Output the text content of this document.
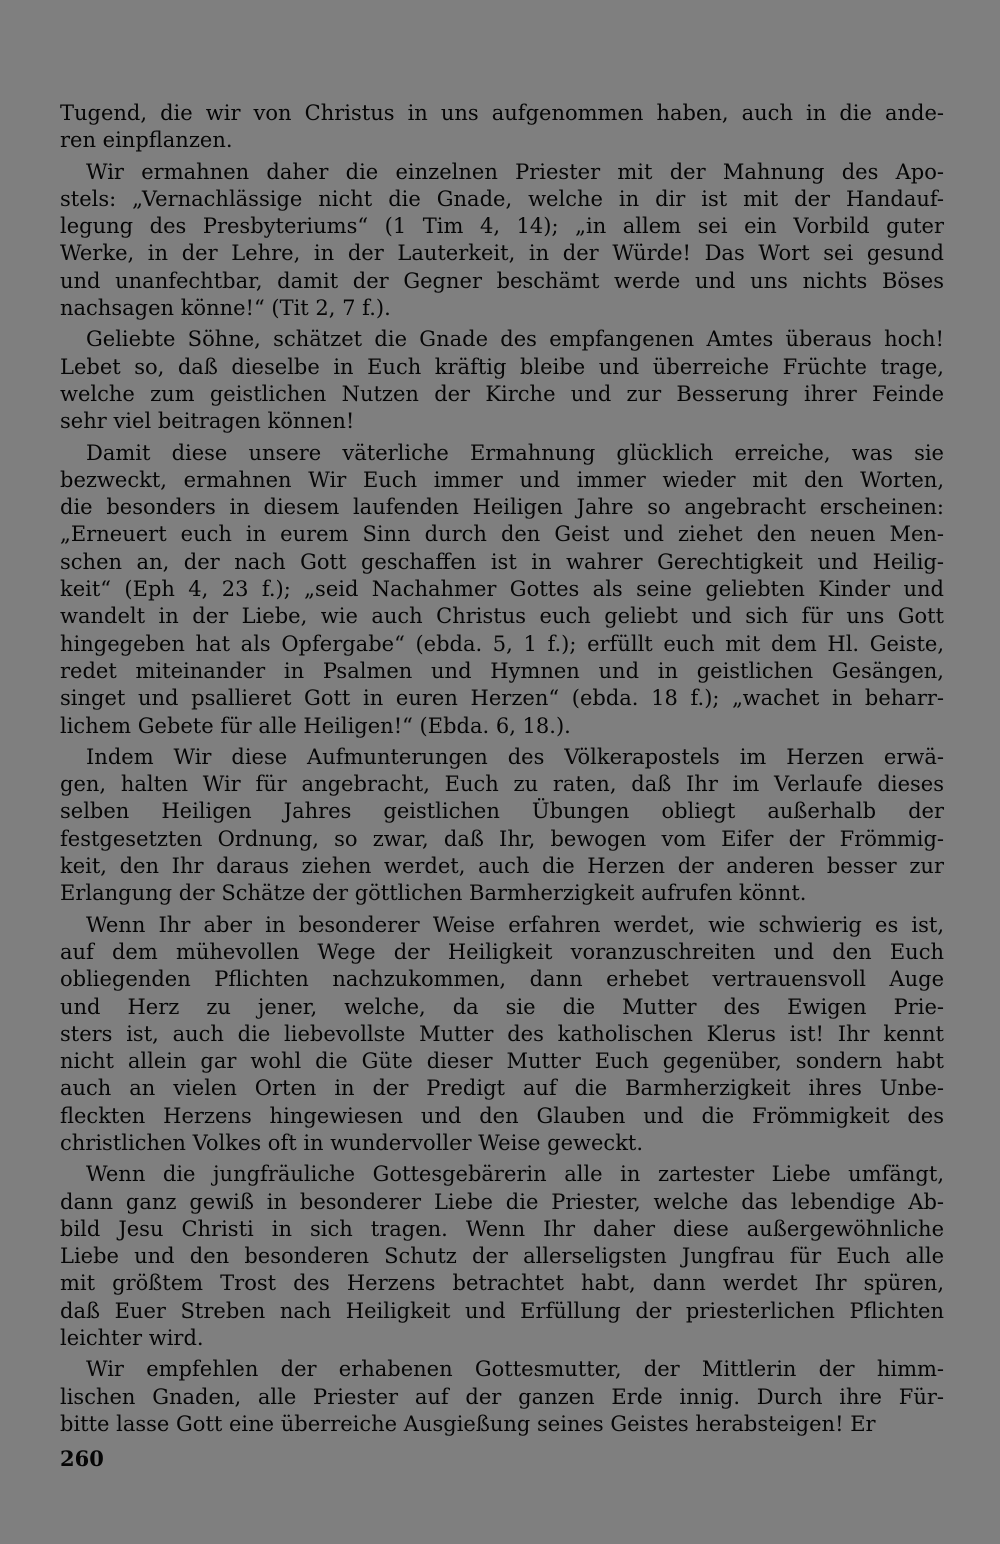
Tugend, die wir von Christus in uns aufgenommen haben, auch in die ande-
ren einpflanzen.

Wir ermahnen daher die einzelnen Priester mit der Mahnung des Apo-
stels: „Vernachlässige nicht die Gnade, welche in dir ist mit der Handauf-
legung des Presbyteriums“ (1 Tim 4, 14); „in allem sei ein Vorbild guter
Werke, in der Lehre, in der Lauterkeit, in der Würde! Das Wort sei gesund
und unanfechtbar, damit der Gegner beschämt werde und uns nichts Böses
nachsagen könne!“ (Tit 2, 7 f.).

Geliebte Söhne, schätzet die Gnade des empfangenen Amtes überaus hoch!
Lebet so, daß dieselbe in Euch kräftig bleibe und überreiche Früchte trage,
welche zum geistlichen Nutzen der Kirche und zur Besserung ihrer Feinde
sehr viel beitragen können!

Damit diese unsere väterliche Ermahnung glücklich erreiche, was sie
bezweckt, ermahnen Wir Euch immer und immer wieder mit den Worten,
die besonders in diesem laufenden Heiligen Jahre so angebracht erscheinen:
„Erneuert euch in eurem Sinn durch den Geist und ziehet den neuen Men-
schen an, der nach Gott geschaffen ist in wahrer Gerechtigkeit und Heilig-
keit“ (Eph 4, 23 f.); „seid Nachahmer Gottes als seine geliebten Kinder und
wandelt in der Liebe, wie auch Christus euch geliebt und sich für uns Gott
hingegeben hat als Opfergabe“ (ebda. 5, 1 f.); erfüllt euch mit dem Hl. Geiste,
redet miteinander in Psalmen und Hymnen und in geistlichen Gesängen,
singet und psallieret Gott in euren Herzen“ (ebda. 18 f.); „wachet in beharr-
lichem Gebete für alle Heiligen!“ (Ebda. 6, 18.).

Indem Wir diese Aufmunterungen des Völkerapostels im Herzen erwä-
gen, halten Wir für angebracht, Euch zu raten, daß Ihr im Verlaufe dieses
selben Heiligen Jahres geistlichen Übungen obliegt außerhalb der
festgesetzten Ordnung, so zwar, daß Ihr, bewogen vom Eifer der Frömmig-
keit, den Ihr daraus ziehen werdet, auch die Herzen der anderen besser zur
Erlangung der Schätze der göttlichen Barmherzigkeit aufrufen könnt.

Wenn Ihr aber in besonderer Weise erfahren werdet, wie schwierig es ist,
auf dem mühevollen Wege der Heiligkeit voranzuschreiten und den Euch
obliegenden Pflichten nachzukommen, dann erhebet vertrauensvoll Auge
und Herz zu jener, welche, da sie die Mutter des Ewigen Prie-
sters ist, auch die liebevollste Mutter des katholischen Klerus ist! Ihr kennt
nicht allein gar wohl die Güte dieser Mutter Euch gegenüber, sondern habt
auch an vielen Orten in der Predigt auf die Barmherzigkeit ihres Unbe-
fleckten Herzens hingewiesen und den Glauben und die Frömmigkeit des
christlichen Volkes oft in wundervoller Weise geweckt.

Wenn die jungfräuliche Gottesgebärerin alle in zartester Liebe umfängt,
dann ganz gewiß in besonderer Liebe die Priester, welche das lebendige Ab-
bild Jesu Christi in sich tragen. Wenn Ihr daher diese außergewöhnliche
Liebe und den besonderen Schutz der allerseligsten Jungfrau für Euch alle
mit größtem Trost des Herzens betrachtet habt, dann werdet Ihr spüren,
daß Euer Streben nach Heiligkeit und Erfüllung der priesterlichen Pflichten
leichter wird.

Wir empfehlen der erhabenen Gottesmutter, der Mittlerin der himm-
lischen Gnaden, alle Priester auf der ganzen Erde innig. Durch ihre Für-
bitte lasse Gott eine überreiche Ausgießung seines Geistes herabsteigen! Er

260
